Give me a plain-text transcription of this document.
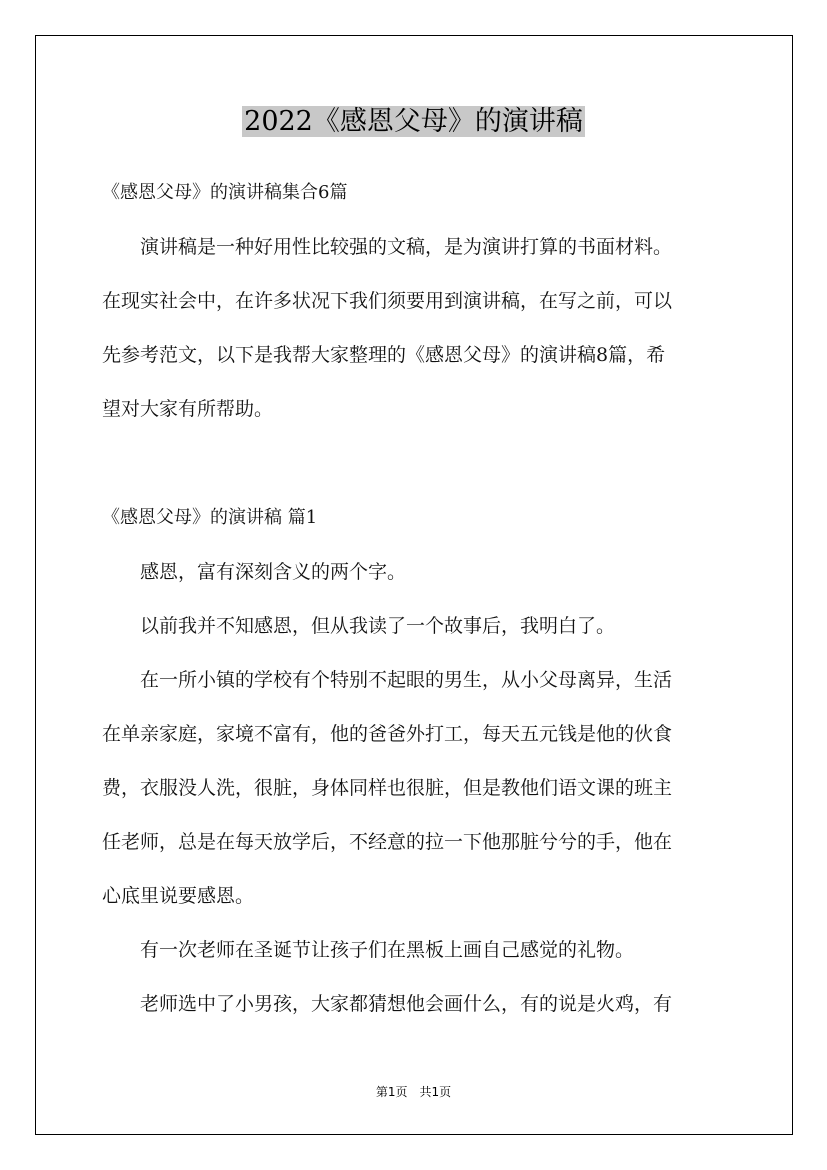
2022《感恩父母》的演讲稿
《感恩父母》的演讲稿集合6篇
　　演讲稿是一种好用性比较强的文稿，是为演讲打算的书面材料。
在现实社会中，在许多状况下我们须要用到演讲稿，在写之前，可以
先参考范文，以下是我帮大家整理的《感恩父母》的演讲稿8篇，希
望对大家有所帮助。
《感恩父母》的演讲稿 篇1
　　感恩，富有深刻含义的两个字。
　　以前我并不知感恩，但从我读了一个故事后，我明白了。
　　在一所小镇的学校有个特别不起眼的男生，从小父母离异，生活
在单亲家庭，家境不富有，他的爸爸外打工，每天五元钱是他的伙食
费，衣服没人洗，很脏，身体同样也很脏，但是教他们语文课的班主
任老师，总是在每天放学后，不经意的拉一下他那脏兮兮的手，他在
心底里说要感恩。
　　有一次老师在圣诞节让孩子们在黑板上画自己感觉的礼物。
　　老师选中了小男孩，大家都猜想他会画什么，有的说是火鸡，有
第1页　共1页
